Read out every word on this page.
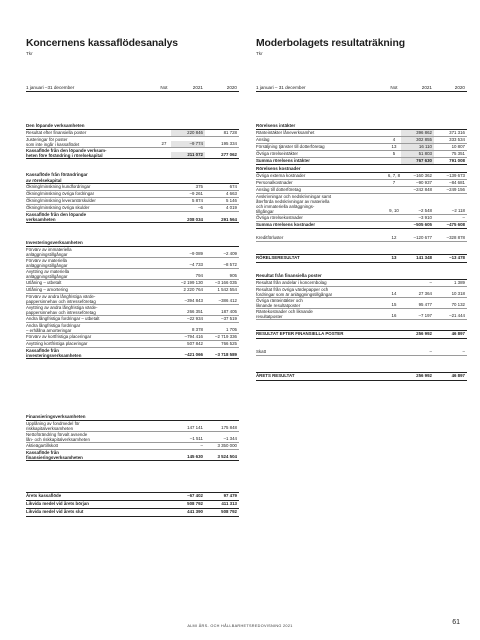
Koncernens kassaflödesanalys
Tkr
1 januari –31 december	Not	2021	2020
Den löpande verksamheten
Resultat efter finansiella poster	220 846	81 728
Justeringar för poster
som inte ingår i kassaflödet	27	–9 774	195 334
Kassaflöde från den löpande verksam-
heten före förändring i rörelsekapital	211 072	277 062
Kassaflöde från förändringar
av rörelsekapital
Ökning/minskning kundfordringar	375	674
Ökning/minskning övriga fordringar	–9 261	4 663
Ökning/minskning leverantörskulder	5 874	5 146
Ökning/minskning övriga skulder	–6	4 019
Kassaflöde från den löpande
verksamheten	208 034	291 564
Investeringsverksamheten
Förvärv av immateriella
anläggningstillgångar	–9 089	–2 409
Förvärv av materiella
anläggningstillgångar	–4 733	–8 572
Avyttring av materiella
anläggningstillgångar	794	905
Utlåning – utbetalt	–2 199 130	–3 166 035
Utlåning – amortering	2 220 764	1 542 554
Förvärv av andra långfristiga värde-
pappersinnehav och intresseföretag	–394 843	–386 412
Avyttring av andra långfristiga värde-
pappersinnehav och intresseföretag	266 351	187 405
Andra långfristiga fordringar – utbetalt	–22 934	–37 519
Andra långfristiga fordringar
– erhållna amorteringar	8 378	1 705
Förvärv av kortfristiga placeringar	–794 416	–2 719 336
Avyttring kortfristiga placeringar	507 842	766 525
Kassaflöde från
investeringsverksamheten	–421 066	–3 718 589
Finansieringsverksamheten
Upplåning av fondmedel för
riskkapitalverksamheten	147 141	175 848
Nettoförändring förvalt avsende
lån- och riskkapitalverksamheten	–1 511	–1 344
Aktieägartillskott	–	3 350 000
Kassaflöde från
finansieringsverksamheten	145 630	3 524 504
Årets kassaflöde	–67 402	97 479
Likvida medel vid årets början	508 792	411 313
Likvida medel vid årets slut	441 390	508 792
Moderbolagets resultaträkning
Tkr
1 januari – 31 december	Not	2021	2020
Rörelsens intäkter
Ränteintäkter låneverksamhet	396 862	371 316
Anslag	4	302 855	333 534
Försäljning tjänster till dotterföretag	13	16 110	10 807
Övriga rörelseintäkter	5	51 803	75 351
Summa rörelsens intäkter	767 630	791 008
Rörelsens kostnader
Övriga externa kostnader	6, 7, 8	–160 362	–139 673
Personalkostnader	7	–90 937	–84 681
Anslag till dotterföretag	–242 848	–249 156
Avskrivningar och nedskrivningar samt
återförda nedskrivningar av materiella
och immateriella anläggnings-
tillgångar	9, 10	–2 548	–2 118
Övriga rörelsekostnader	–3 910	–
Summa rörelsens kostnader	–505 605	–475 608
Kreditförluster	12	–120 677	–328 878
RÖRELSERESULTAT	13	141 348	–13 478
Resultat från finansiella poster
Resultat från andelar i koncernbolag	–	1 389
Resultat från övriga värdepapper och
fordringar som är anläggningstillgångar	14	27 364	10 318
Övriga ränteintäkter och
liknande resultatposter	15	95 477	70 132
Räntekostnader och liknande
resultatposter	16	–7 197	–21 444
RESULTAT EFTER FINANSIELLA POSTER	256 992	46 897
Skatt	–	–
ÅRETS RESULTAT	256 992	46 897
ALMI ÅRS- OCH HÅLLBARHETSREDOVISNING 2021	61
